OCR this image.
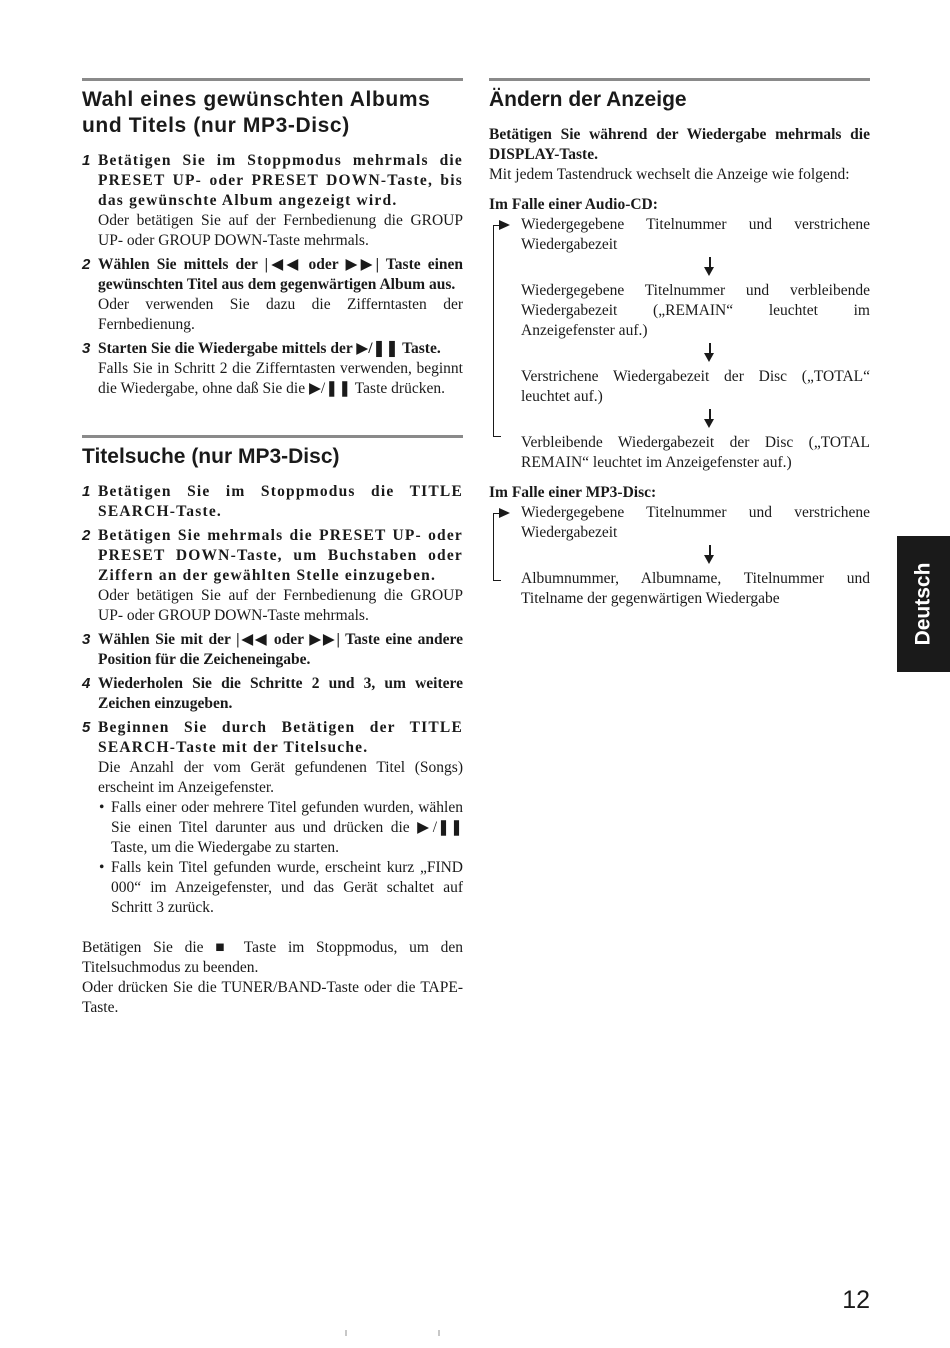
Wahl eines gewünschten Albums und Titels (nur MP3-Disc)
1 Betätigen Sie im Stoppmodus mehrmals die PRESET UP- oder PRESET DOWN-Taste, bis das gewünschte Album angezeigt wird.
Oder betätigen Sie auf der Fernbedienung die GROUP UP- oder GROUP DOWN-Taste mehrmals.
2 Wählen Sie mittels der |◀◀ oder ▶▶| Taste einen gewünschten Titel aus dem gegenwärtigen Album aus.
Oder verwenden Sie dazu die Zifferntasten der Fernbedienung.
3 Starten Sie die Wiedergabe mittels der ▶/❚❚ Taste.
Falls Sie in Schritt 2 die Zifferntasten verwenden, beginnt die Wiedergabe, ohne daß Sie die ▶/❚❚ Taste drücken.
Titelsuche (nur MP3-Disc)
1 Betätigen Sie im Stoppmodus die TITLE SEARCH-Taste.
2 Betätigen Sie mehrmals die PRESET UP- oder PRESET DOWN-Taste, um Buchstaben oder Ziffern an der gewählten Stelle einzugeben.
Oder betätigen Sie auf der Fernbedienung die GROUP UP- oder GROUP DOWN-Taste mehrmals.
3 Wählen Sie mit der |◀◀ oder ▶▶| Taste eine andere Position für die Zeicheneingabe.
4 Wiederholen Sie die Schritte 2 und 3, um weitere Zeichen einzugeben.
5 Beginnen Sie durch Betätigen der TITLE SEARCH-Taste mit der Titelsuche.
Die Anzahl der vom Gerät gefundenen Titel (Songs) erscheint im Anzeigefenster.
• Falls einer oder mehrere Titel gefunden wurden, wählen Sie einen Titel darunter aus und drücken die ▶/❚❚ Taste, um die Wiedergabe zu starten.
• Falls kein Titel gefunden wurde, erscheint kurz „FIND 000“ im Anzeigefenster, und das Gerät schaltet auf Schritt 3 zurück.

Betätigen Sie die ■ Taste im Stoppmodus, um den Titelsuchmodus zu beenden.

Oder drücken Sie die TUNER/BAND-Taste oder die TAPE-Taste.

Ändern der Anzeige

Betätigen Sie während der Wiedergabe mehrmals die DISPLAY-Taste.

Mit jedem Tastendruck wechselt die Anzeige wie folgend:

Im Falle einer Audio-CD:

Wiedergegebene Titelnummer und verstrichene Wiedergabezeit
Wiedergegebene Titelnummer und verbleibende Wiedergabezeit („REMAIN“ leuchtet im Anzeigefenster auf.)
Verstrichene Wiedergabezeit der Disc („TOTAL“ leuchtet auf.)
Verbleibende Wiedergabezeit der Disc („TOTAL REMAIN“ leuchtet im Anzeigefenster auf.)

Im Falle einer MP3-Disc:

Wiedergegebene Titelnummer und verstrichene Wiedergabezeit
Albumnummer, Albumname, Titelnummer und Titelname der gegenwärtigen Wiedergabe	Deutsch
12
